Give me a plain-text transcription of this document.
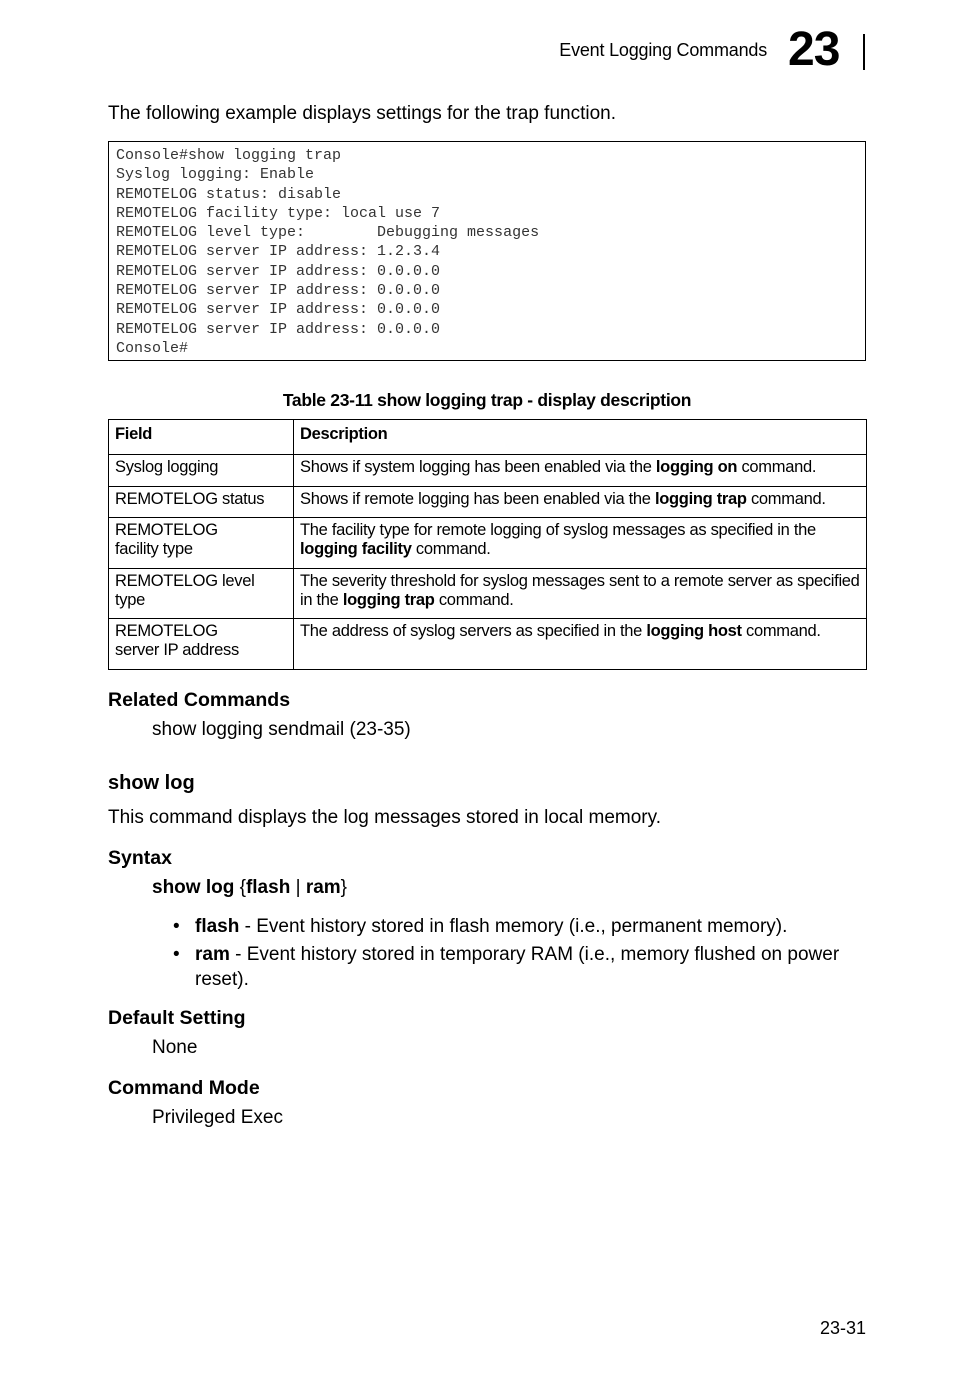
Event Logging Commands 23
The following example displays settings for the trap function.
Console#show logging trap
Syslog logging: Enable
REMOTELOG status: disable
REMOTELOG facility type: local use 7
REMOTELOG level type:        Debugging messages
REMOTELOG server IP address: 1.2.3.4
REMOTELOG server IP address: 0.0.0.0
REMOTELOG server IP address: 0.0.0.0
REMOTELOG server IP address: 0.0.0.0
REMOTELOG server IP address: 0.0.0.0
Console#
Table 23-11 show logging trap - display description
Field	Description
Syslog logging	Shows if system logging has been enabled via the logging on command.
REMOTELOG status	Shows if remote logging has been enabled via the logging trap command.
REMOTELOG
facility type	The facility type for remote logging of syslog messages as specified in the logging facility command.
REMOTELOG level type	The severity threshold for syslog messages sent to a remote server as specified in the logging trap command.
REMOTELOG
server IP address	The address of syslog servers as specified in the logging host command.
Related Commands
show logging sendmail (23-35)
show log
This command displays the log messages stored in local memory.
Syntax
show log {flash | ram}
• flash - Event history stored in flash memory (i.e., permanent memory).
• ram - Event history stored in temporary RAM (i.e., memory flushed on power reset).
Default Setting
None
Command Mode
Privileged Exec
23-31
